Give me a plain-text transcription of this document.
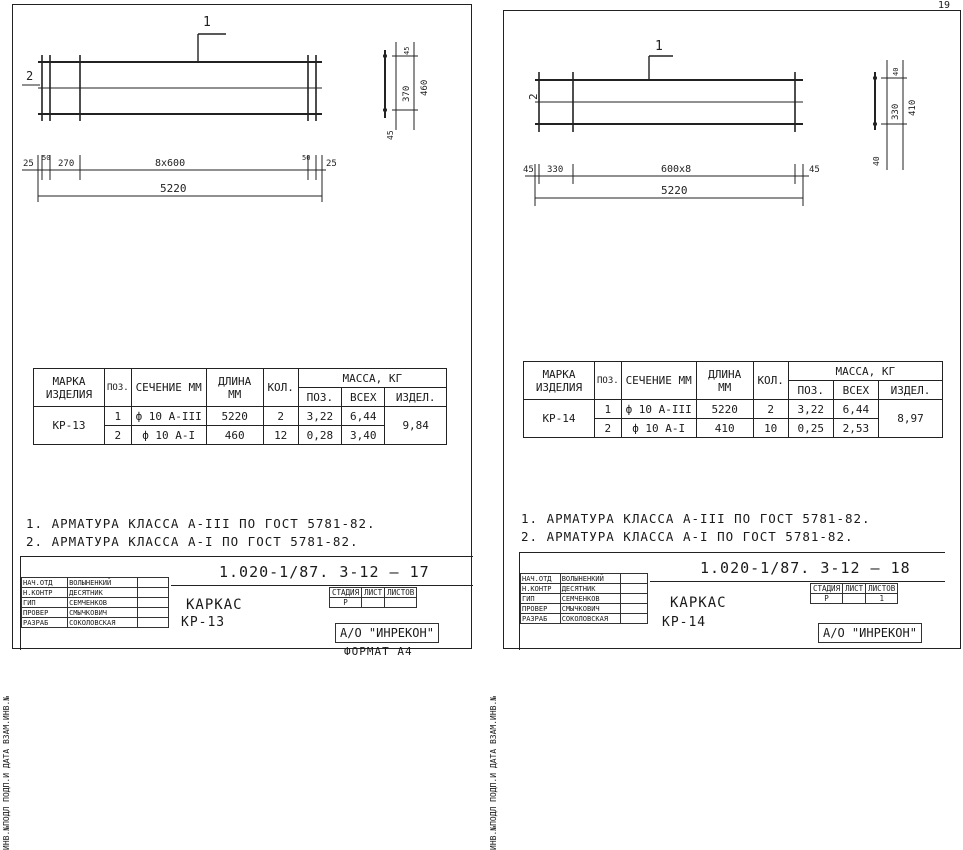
ИНВ.№ПОДЛ ПОДП.И ДАТА ВЗАМ.ИНВ.№
1
2
25
50
270	8x600	50
25
5220
45
370 460
45
МАРКА ИЗДЕЛИЯ	ПОЗ.	СЕЧЕНИЕ ММ	ДЛИНА ММ	КОЛ.	МАССА, КГ		
					ПОЗ.	ВСЕХ	ИЗДЕЛ.
КР-13	1	ф 10 А-III	5220	2	3,22	6,44	9,84
	2	ф 10 А-I	460	12	0,28	3,40	
1. АРМАТУРА КЛАССА А-III ПО ГОСТ 5781-82.
2. АРМАТУРА КЛАССА А-I ПО ГОСТ 5781-82.
НАЧ.ОТД	ВОЛЫНЕНКИЙ	
Н.КОНТР	ДЕСЯТНИК	
ГИП	СЕМЧЕНКОВ	
ПРОВЕР	СМЫЧКОВИЧ	
РАЗРАБ	СОКОЛОВСКАЯ	
1.020-1/87. 3-12 – 17
КАРКАС
КР-13
СТАДИЯ	ЛИСТ	ЛИСТОВ
Р		
А/О "ИНРЕКОН"
ФОРМАТ А4
ИНВ.№ПОДЛ ПОДП.И ДАТА ВЗАМ.ИНВ.№
19
1
2
45 330	600x8	45
5220
40
330 410
40
МАРКА ИЗДЕЛИЯ	ПОЗ.	СЕЧЕНИЕ ММ	ДЛИНА ММ	КОЛ.	МАССА, КГ		
					ПОЗ.	ВСЕХ	ИЗДЕЛ.
КР-14	1	ф 10 А-III	5220	2	3,22	6,44	8,97
	2	ф 10 А-I	410	10	0,25	2,53	
1. АРМАТУРА КЛАССА А-III ПО ГОСТ 5781-82.
2. АРМАТУРА КЛАССА А-I ПО ГОСТ 5781-82.
НАЧ.ОТД	ВОЛЫНЕНКИЙ	
Н.КОНТР	ДЕСЯТНИК	
ГИП	СЕМЧЕНКОВ	
ПРОВЕР	СМЫЧКОВИЧ	
РАЗРАБ	СОКОЛОВСКАЯ	
1.020-1/87. 3-12 – 18
КАРКАС
КР-14
СТАДИЯ	ЛИСТ	ЛИСТОВ
Р		1
А/О "ИНРЕКОН"
